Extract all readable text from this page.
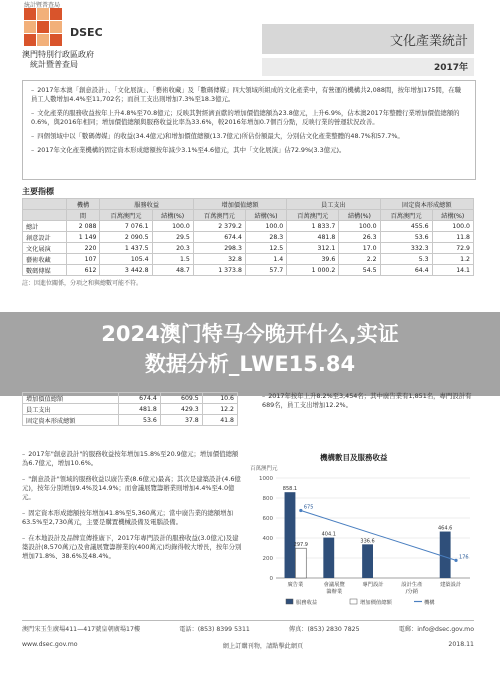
統計暨普查局
DSEC
澳門特別行政區政府
統計暨普查局
文化產業統計
2017年
– 2017年本澳「創意設計」、「文化展演」、「藝術收藏」及「數碼傳媒」四大領域所組成的文化產業中，有營運的機構共2,088間，按年增加175間，在職員工人數增加4.4%至11,702名；而員工支出則增加7.3%至18.3億元。
– 文化產業的服務收益按年上升4.8%至70.8億元；反映其對經濟貢獻的增加價值總額為23.8億元，上升6.9%，佔本澳2017年整體行業增加價值總額的0.6%，與2016年相同；增加價值總額與服務收益比率為33.6%，較2016年增加0.7個百分點，反映行業的營運狀況改善。
– 四個領域中以「數碼傳媒」的收益(34.4億元)和增加價值總額(13.7億元)所佔份額最大，分別佔文化產業整體的48.7%和57.7%。
– 2017年文化產業機構的固定資本形成總額按年減少3.1%至4.6億元，其中「文化展演」佔72.9%(3.3億元)。
主要指標
	機構	服務收益		增加價值總額		員工支出		固定資本形成總額	
	間	百萬澳門元	結構(%)	百萬澳門元	結構(%)	百萬澳門元	結構(%)	百萬澳門元	結構(%)
總計	2 088	7 076.1	100.0	2 379.2	100.0	1 833.7	100.0	455.6	100.0
創意設計	1 149	2 090.5	29.5	674.4	28.3	481.8	26.3	53.6	11.8
文化展演	220	1 437.5	20.3	298.3	12.5	312.1	17.0	332.3	72.9
藝術收藏	107	105.4	1.5	32.8	1.4	39.6	2.2	5.3	1.2
數碼傳媒	612	3 442.8	48.7	1 373.8	57.7	1 000.2	54.5	64.4	14.1
註：因進位關係，分項之和與總數可能不符。
2024澳门特马今晚开什么,实证
数据分析_LWE15.84
增加價值總額	674.4	609.5	10.6
員工支出	481.8	429.3	12.2
固定資本形成總額	53.6	37.8	41.8
– 2017年按年上升8.2%至3,454名；其中廣告業有1,851名，專門設計有689名，員工支出增加12.2%。
– 2017年"創意設計"的服務收益按年增加15.8%至20.9億元；增加價值總額為6.7億元，增加10.6%。
– "創意設計"領域的服務收益以廣告業(8.6億元)最高；其次是建築設計(4.6億元)，按年分別增加9.4%及14.9%；而會議展覽籌辦業則增加4.4%至4.0億元。
– 固定資本形成總額按年增加41.8%至5,360萬元；當中廣告業的總額增加63.5%至2,730萬元，主要是購置機械設備及電腦設備。
– 在本地設計及品牌宣傳推廣下，2017年專門設計的服務收益(3.0億元)及建築設計(8,570萬元)及會議展覽籌辦業的(400萬元)均錄得較大增長，按年分別增加71.8%、38.6%及48.4%。
機構數目及服務收益
百萬澳門元
0
200
400
600
800
1000
858.1
297.9
廣告業
404.1
會議展覽
籌辦業
336.6
專門設計	設計生產
/分銷
464.6
建築設計
675
176
服務收益	增加價值總額	機構
澳門宋玉生廣場411—417號皇朝廣場17樓	電話：(853) 8399 5311	傳真：(853) 2830 7825	電郵：info@dsec.gov.mo
www.dsec.gov.mo	網上訂購刊物，請點擊此網頁	2018.11
